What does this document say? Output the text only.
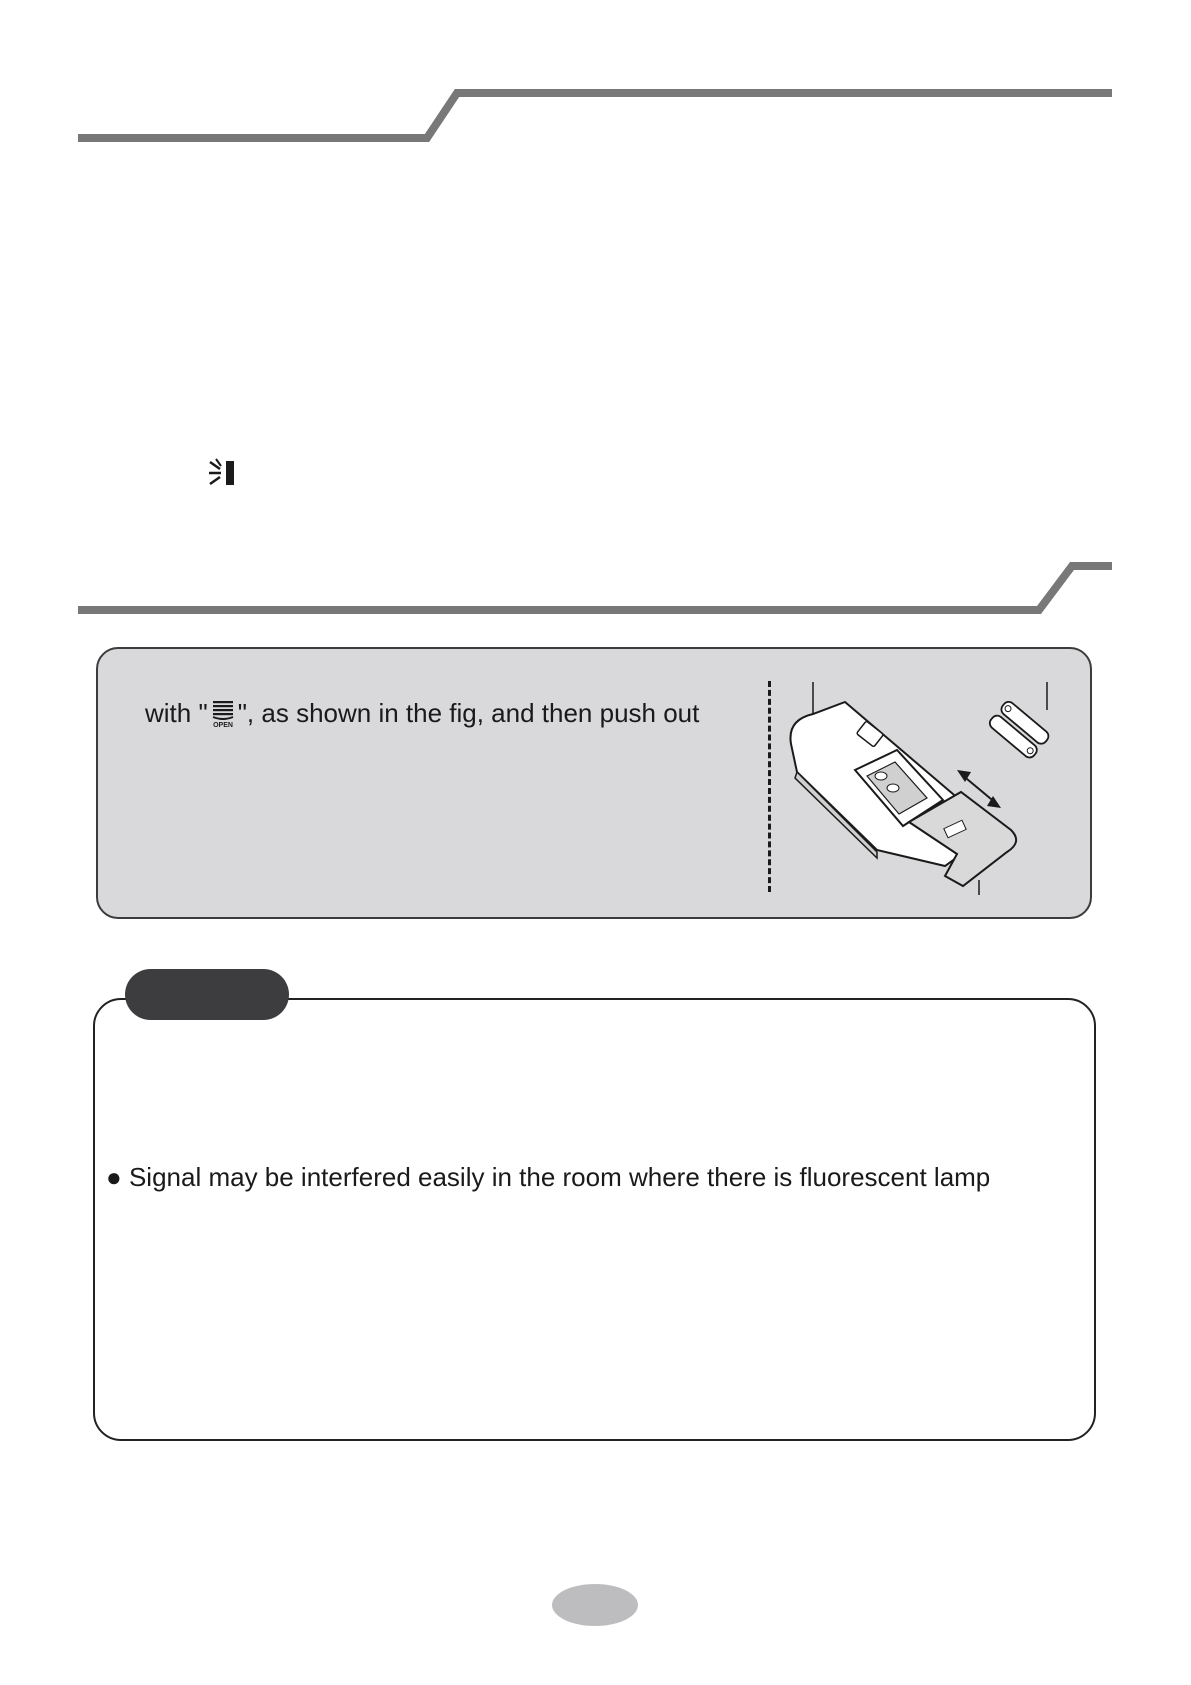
with " OPEN ", as shown in the fig, and then push out
● Signal may be interfered easily in the room where there is fluorescent lamp
